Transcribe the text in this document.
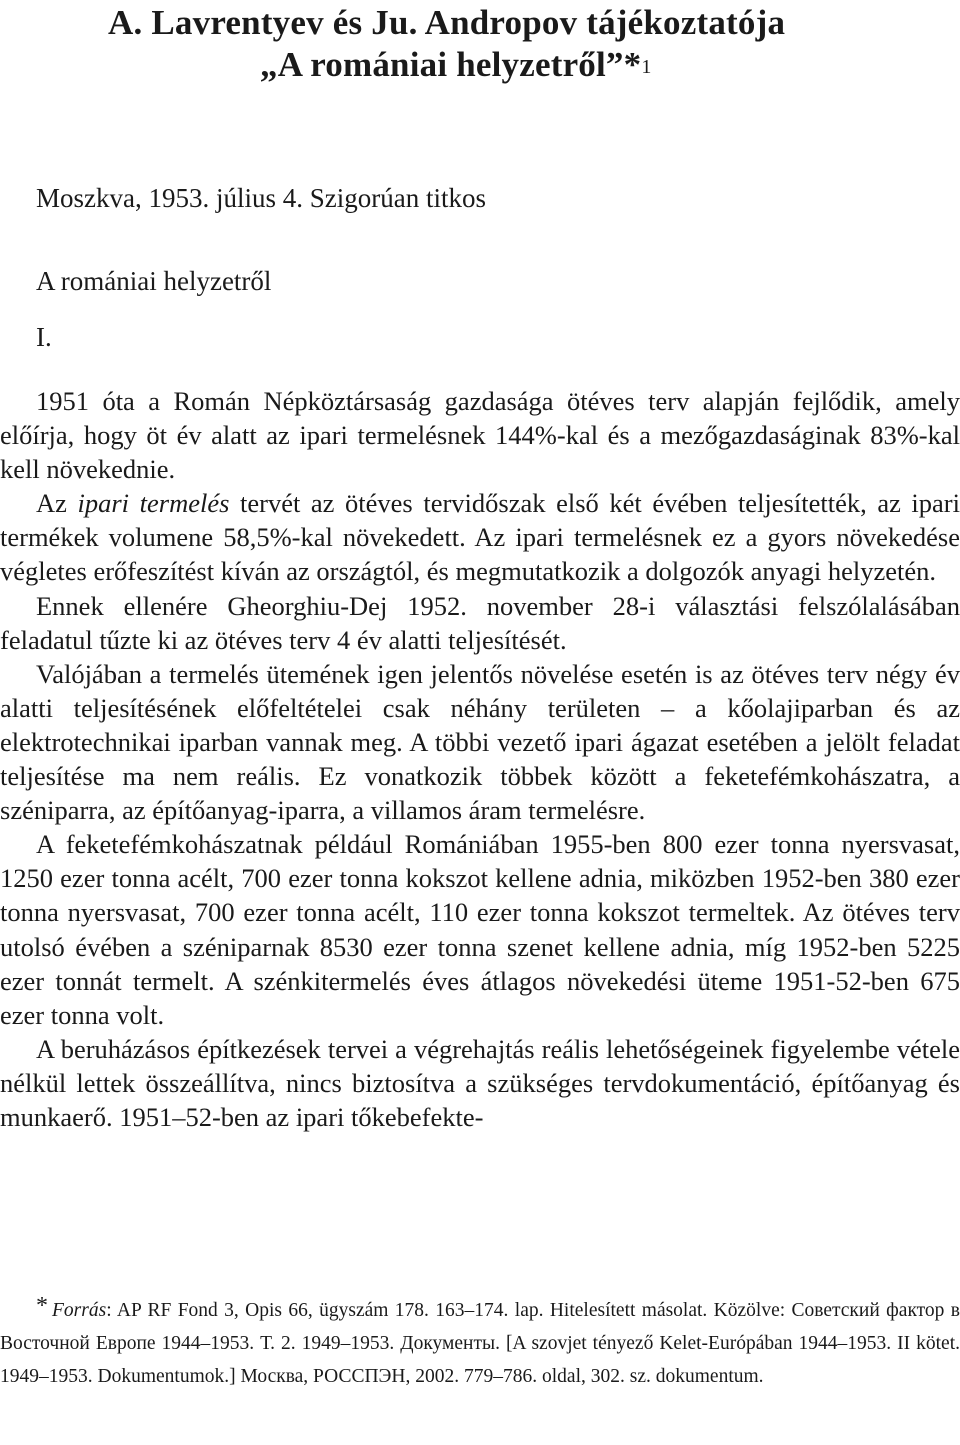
A. Lavrentyev és Ju. Andropov tájékoztatója
„A romániai helyzetről”*$^1$
Moszkva, 1953. július 4. Szigorúan titkos
A romániai helyzetről
I.

1951 óta a Román Népköztársaság gazdasága ötéves terv alapján fejlődik, amely előírja, hogy öt év alatt az ipari termelésnek 144%-kal és a mezőgazdaságinak 83%-kal kell növekednie.

Az ipari termelés tervét az ötéves tervidőszak első két évében teljesítették, az ipari termékek volumene 58,5%-kal növekedett. Az ipari termelésnek ez a gyors növekedése végletes erőfeszítést kíván az országtól, és megmutatkozik a dolgozók anyagi helyzetén.

Ennek ellenére Gheorghiu-Dej 1952. november 28-i választási felszólalásában feladatul tűzte ki az ötéves terv 4 év alatti teljesítését.

Valójában a termelés ütemének igen jelentős növelése esetén is az ötéves terv négy év alatti teljesítésének előfeltételei csak néhány területen – a kőolajiparban és az elektrotechnikai iparban vannak meg. A többi vezető ipari ágazat esetében a jelölt feladat teljesítése ma nem reális. Ez vonatkozik többek között a feketefémkohászatra, a széniparra, az építőanyag-iparra, a villamos áram termelésre.

A feketefémkohászatnak például Romániában 1955-ben 800 ezer tonna nyersvasat, 1250 ezer tonna acélt, 700 ezer tonna kokszot kellene adnia, miközben 1952-ben 380 ezer tonna nyersvasat, 700 ezer tonna acélt, 110 ezer tonna kokszot termeltek. Az ötéves terv utolsó évében a széniparnak 8530 ezer tonna szenet kellene adnia, míg 1952-ben 5225 ezer tonnát termelt. A szénkitermelés éves átlagos növekedési üteme 1951-52-ben 675 ezer tonna volt.

A beruházásos építkezések tervei a végrehajtás reális lehetőségeinek figyelembe vétele nélkül lettek összeállítva, nincs biztosítva a szükséges tervdokumentáció, építőanyag és munkaerő. 1951–52-ben az ipari tőkebefekte-

* Forrás: AP RF Fond 3, Opis 66, ügyszám 178. 163–174. lap. Hitelesített másolat. Közölve: Советский фактор в Восточной Европе 1944–1953. Т. 2. 1949–1953. Документы. [A szovjet tényező Kelet-Európában 1944–1953. II kötet. 1949–1953. Dokumentumok.] Москва, РОССПЭН, 2002. 779–786. oldal, 302. sz. dokumentum.
